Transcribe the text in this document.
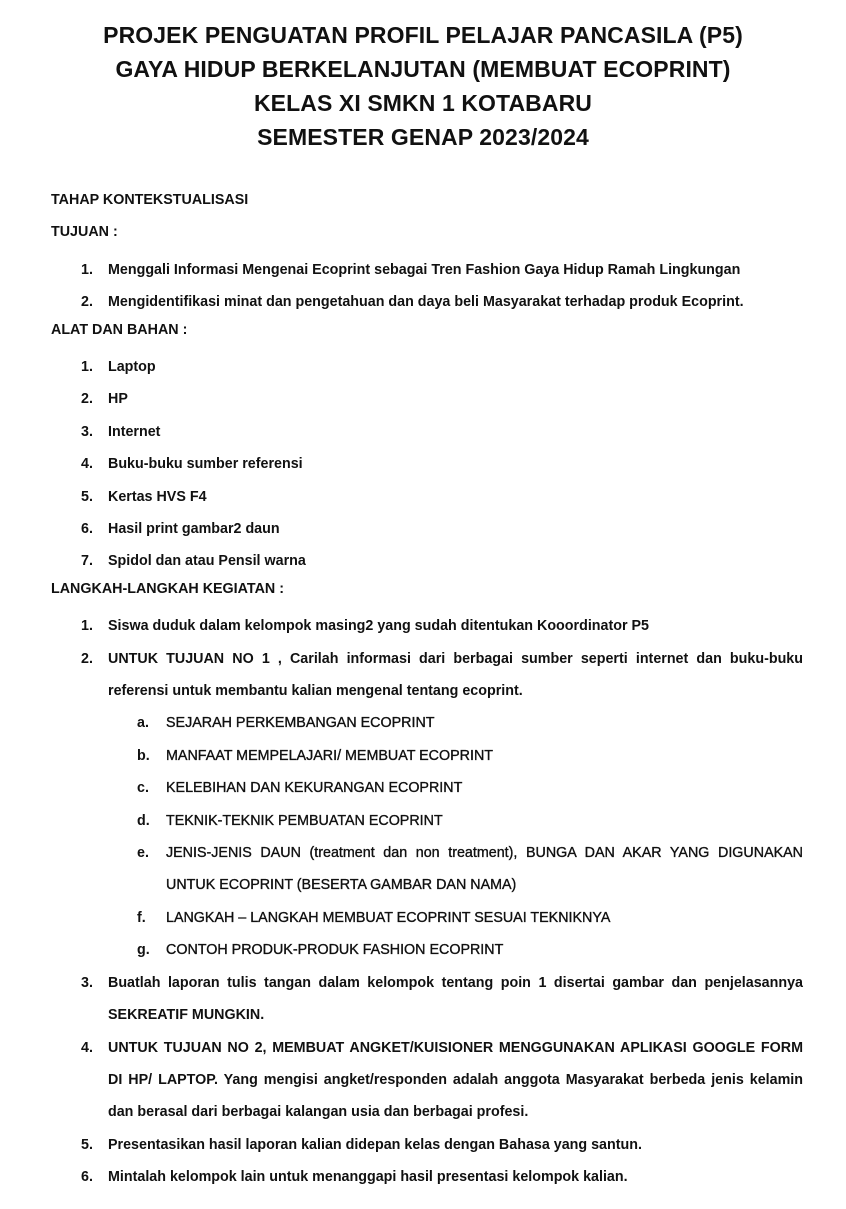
PROJEK PENGUATAN PROFIL PELAJAR PANCASILA (P5)
GAYA HIDUP BERKELANJUTAN (MEMBUAT ECOPRINT)
KELAS XI SMKN 1 KOTABARU
SEMESTER GENAP 2023/2024
TAHAP KONTEKSTUALISASI
TUJUAN :
1. Menggali Informasi Mengenai Ecoprint sebagai Tren Fashion Gaya Hidup Ramah Lingkungan
2. Mengidentifikasi minat dan pengetahuan dan daya beli Masyarakat terhadap produk Ecoprint.
ALAT DAN BAHAN :
1. Laptop
2. HP
3. Internet
4. Buku-buku sumber referensi
5. Kertas HVS F4
6. Hasil print gambar2 daun
7. Spidol dan atau Pensil warna
LANGKAH-LANGKAH KEGIATAN :
1. Siswa duduk dalam kelompok masing2 yang sudah ditentukan Kooordinator P5
2. UNTUK TUJUAN NO 1 , Carilah informasi dari berbagai sumber seperti internet dan buku-buku referensi untuk membantu kalian mengenal tentang ecoprint.
a. SEJARAH PERKEMBANGAN ECOPRINT
b. MANFAAT MEMPELAJARI/ MEMBUAT ECOPRINT
c. KELEBIHAN DAN KEKURANGAN ECOPRINT
d. TEKNIK-TEKNIK PEMBUATAN ECOPRINT
e. JENIS-JENIS DAUN (treatment dan non treatment), BUNGA DAN AKAR YANG DIGUNAKAN UNTUK ECOPRINT (BESERTA GAMBAR DAN NAMA)
f. LANGKAH – LANGKAH MEMBUAT ECOPRINT SESUAI TEKNIKNYA
g. CONTOH PRODUK-PRODUK FASHION ECOPRINT
3. Buatlah laporan tulis tangan dalam kelompok tentang poin 1 disertai gambar dan penjelasannya SEKREATIF MUNGKIN.
4. UNTUK TUJUAN NO 2, MEMBUAT ANGKET/KUISIONER MENGGUNAKAN APLIKASI GOOGLE FORM DI HP/ LAPTOP. Yang mengisi angket/responden adalah anggota Masyarakat berbeda jenis kelamin dan berasal dari berbagai kalangan usia dan berbagai profesi.
5. Presentasikan hasil laporan kalian didepan kelas dengan Bahasa yang santun.
6. Mintalah kelompok lain untuk menanggapi hasil presentasi kelompok kalian.
